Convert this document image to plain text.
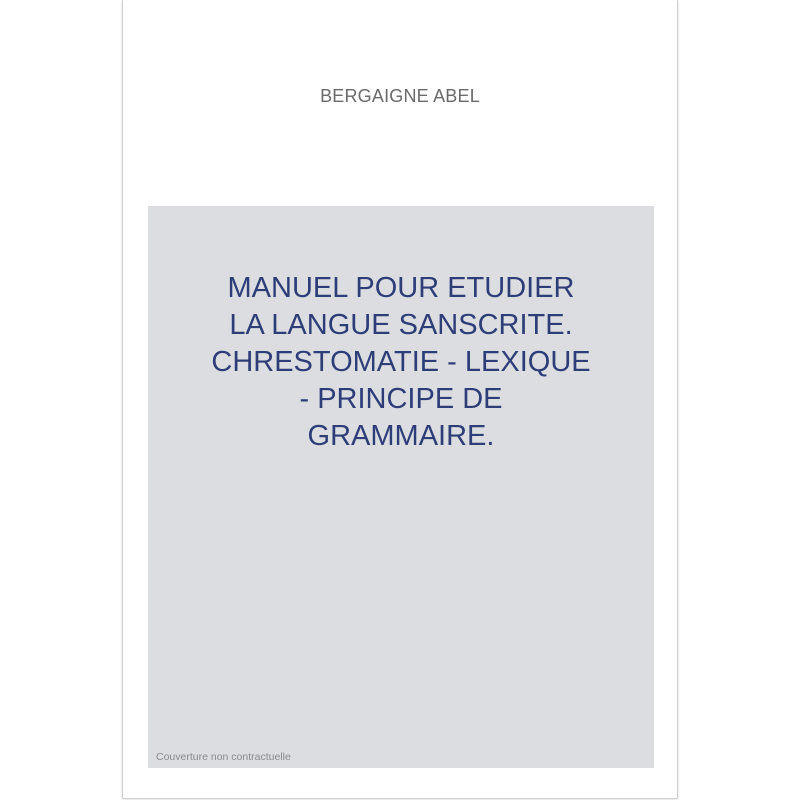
BERGAIGNE ABEL
MANUEL POUR ETUDIER
LA LANGUE SANSCRITE.
CHRESTOMATIE - LEXIQUE
- PRINCIPE DE
GRAMMAIRE.
Couverture non contractuelle
